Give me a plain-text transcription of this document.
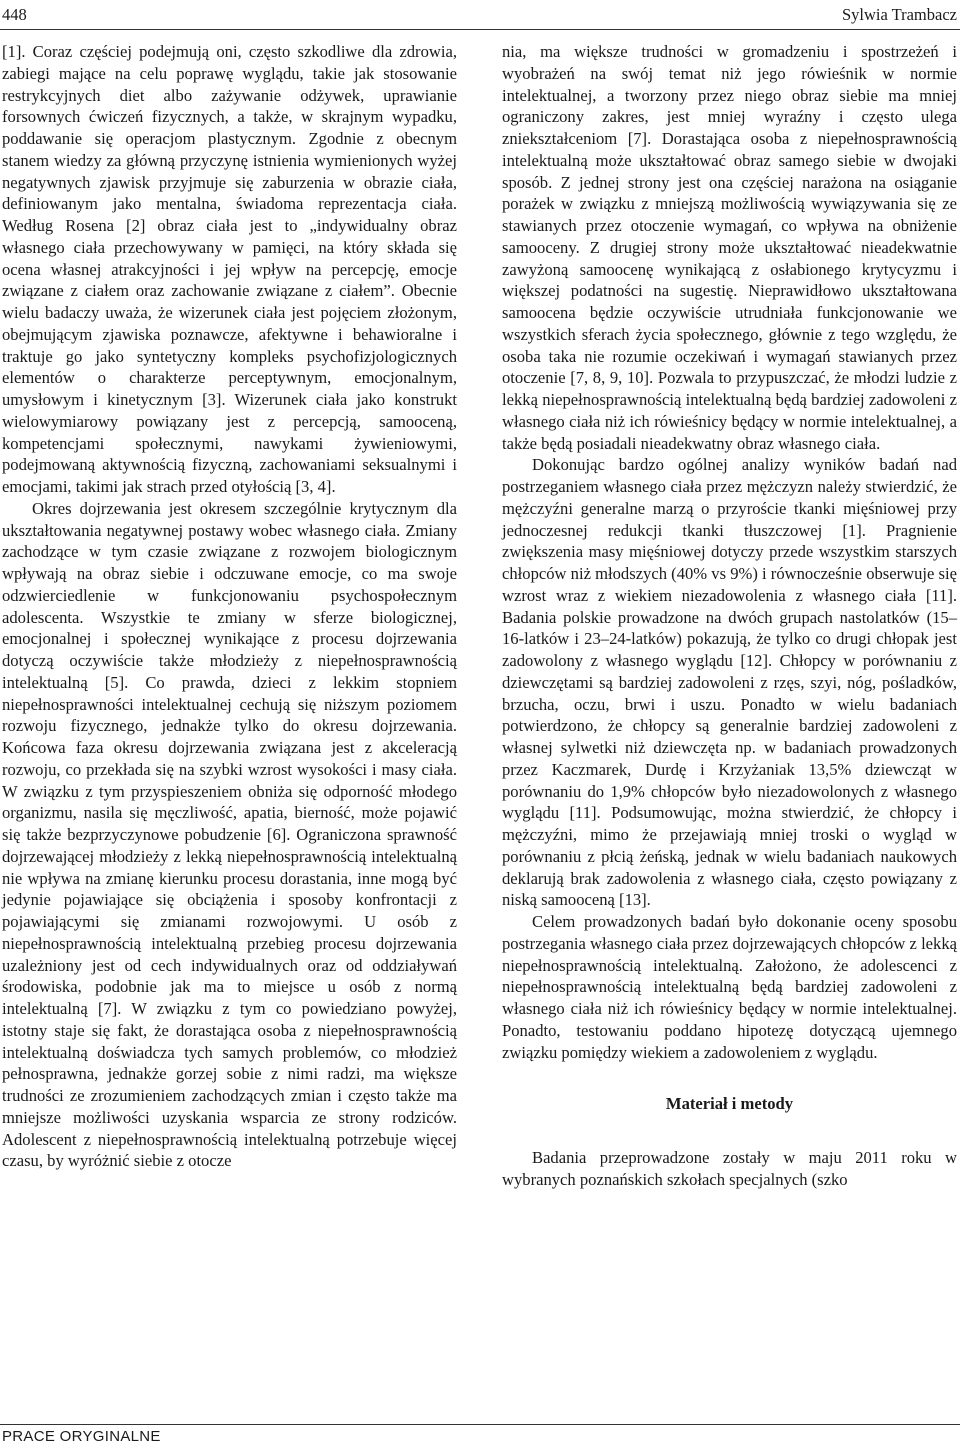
448	Sylwia Trambacz

[1]. Coraz częściej podejmują oni, często szkodliwe dla zdrowia, zabiegi mające na celu poprawę wyglądu, takie jak stosowanie restrykcyjnych diet albo zażywanie odżywek, uprawianie forsownych ćwiczeń fizycznych, a także, w skrajnym wypadku, poddawanie się operacjom plastycznym. Zgodnie z obecnym stanem wiedzy za główną przyczynę istnienia wymienionych wyżej negatywnych zjawisk przyjmuje się zaburzenia w obrazie ciała, definiowanym jako mentalna, świadoma reprezentacja ciała. Według Rosena [2] obraz ciała jest to „indywidualny obraz własnego ciała przechowywany w pamięci, na który składa się ocena własnej atrakcyjności i jej wpływ na percepcję, emocje związane z ciałem oraz zachowanie związane z ciałem”. Obecnie wielu badaczy uważa, że wizerunek ciała jest pojęciem złożonym, obejmującym zjawiska poznawcze, afektywne i behawioralne i traktuje go jako syntetyczny kompleks psychofizjologicznych elementów o charakterze perceptywnym, emocjonalnym, umysłowym i kinetycznym [3]. Wizerunek ciała jako konstrukt wielowymiarowy powiązany jest z percepcją, samooceną, kompetencjami społecznymi, nawykami żywieniowymi, podejmowaną aktywnością fizyczną, zachowaniami seksualnymi i emocjami, takimi jak strach przed otyłością [3, 4].

Okres dojrzewania jest okresem szczególnie krytycznym dla ukształtowania negatywnej postawy wobec własnego ciała. Zmiany zachodzące w tym czasie związane z rozwojem biologicznym wpływają na obraz siebie i odczuwane emocje, co ma swoje odzwierciedlenie w funkcjonowaniu psychospołecznym adolescenta. Wszystkie te zmiany w sferze biologicznej, emocjonalnej i społecznej wynikające z procesu dojrzewania dotyczą oczywiście także młodzieży z niepełnosprawnością intelektualną [5]. Co prawda, dzieci z lekkim stopniem niepełnosprawności intelektualnej cechują się niższym poziomem rozwoju fizycznego, jednakże tylko do okresu dojrzewania. Końcowa faza okresu dojrzewania związana jest z akceleracją rozwoju, co przekłada się na szybki wzrost wysokości i masy ciała. W związku z tym przyspieszeniem obniża się odporność młodego organizmu, nasila się męczliwość, apatia, bierność, może pojawić się także bezprzyczynowe pobudzenie [6]. Ograniczona sprawność dojrzewającej młodzieży z lekką niepełnosprawnością intelektualną nie wpływa na zmianę kierunku procesu dorastania, inne mogą być jedynie pojawiające się obciążenia i sposoby konfrontacji z pojawiającymi się zmianami rozwojowymi. U osób z niepełnosprawnością intelektualną przebieg procesu dojrzewania uzależniony jest od cech indywidualnych oraz od oddziaływań środowiska, podobnie jak ma to miejsce u osób z normą intelektualną [7]. W związku z tym co powiedziano powyżej, istotny staje się fakt, że dorastająca osoba z niepełnosprawnością intelektualną doświadcza tych samych problemów, co młodzież pełnosprawna, jednakże gorzej sobie z nimi radzi, ma większe trudności ze zrozumieniem zachodzących zmian i często także ma mniejsze możliwości uzyskania wsparcia ze strony rodziców. Adolescent z niepełnosprawnością intelektualną potrzebuje więcej czasu, by wyróżnić siebie z otocze

nia, ma większe trudności w gromadzeniu i spostrzeżeń i wyobrażeń na swój temat niż jego rówieśnik w normie intelektualnej, a tworzony przez niego obraz siebie ma mniej ograniczony zakres, jest mniej wyraźny i często ulega zniekształceniom [7]. Dorastająca osoba z niepełnosprawnością intelektualną może ukształtować obraz samego siebie w dwojaki sposób. Z jednej strony jest ona częściej narażona na osiąganie porażek w związku z mniejszą możliwością wywiązywania się ze stawianych przez otoczenie wymagań, co wpływa na obniżenie samooceny. Z drugiej strony może ukształtować nieadekwatnie zawyżoną samoocenę wynikającą z osłabionego krytycyzmu i większej podatności na sugestię. Nieprawidłowo ukształtowana samoocena będzie oczywiście utrudniała funkcjonowanie we wszystkich sferach życia społecznego, głównie z tego względu, że osoba taka nie rozumie oczekiwań i wymagań stawianych przez otoczenie [7, 8, 9, 10]. Pozwala to przypuszczać, że młodzi ludzie z lekką niepełnosprawnością intelektualną będą bardziej zadowoleni z własnego ciała niż ich rówieśnicy będący w normie intelektualnej, a także będą posiadali nieadekwatny obraz własnego ciała.

Dokonując bardzo ogólnej analizy wyników badań nad postrzeganiem własnego ciała przez mężczyzn należy stwierdzić, że mężczyźni generalne marzą o przyroście tkanki mięśniowej przy jednoczesnej redukcji tkanki tłuszczowej [1]. Pragnienie zwiększenia masy mięśniowej dotyczy przede wszystkim starszych chłopców niż młodszych (40% vs 9%) i równocześnie obserwuje się wzrost wraz z wiekiem niezadowolenia z własnego ciała [11]. Badania polskie prowadzone na dwóch grupach nastolatków (15–16-latków i 23–24-latków) pokazują, że tylko co drugi chłopak jest zadowolony z własnego wyglądu [12]. Chłopcy w porównaniu z dziewczętami są bardziej zadowoleni z rzęs, szyi, nóg, pośladków, brzucha, oczu, brwi i uszu. Ponadto w wielu badaniach potwierdzono, że chłopcy są generalnie bardziej zadowoleni z własnej sylwetki niż dziewczęta np. w badaniach prowadzonych przez Kaczmarek, Durdę i Krzyżaniak 13,5% dziewcząt w porównaniu do 1,9% chłopców było niezadowolonych z własnego wyglądu [11]. Podsumowując, można stwierdzić, że chłopcy i mężczyźni, mimo że przejawiają mniej troski o wygląd w porównaniu z płcią żeńską, jednak w wielu badaniach naukowych deklarują brak zadowolenia z własnego ciała, często powiązany z niską samooceną [13].

Celem prowadzonych badań było dokonanie oceny sposobu postrzegania własnego ciała przez dojrzewających chłopców z lekką niepełnosprawnością intelektualną. Założono, że adolescenci z niepełnosprawnością intelektualną będą bardziej zadowoleni z własnego ciała niż ich rówieśnicy będący w normie intelektualnej. Ponadto, testowaniu poddano hipotezę dotyczącą ujemnego związku pomiędzy wiekiem a zadowoleniem z wyglądu.

Materiał i metody

Badania przeprowadzone zostały w maju 2011 roku w wybranych poznańskich szkołach specjalnych (szko

PRACE ORYGINALNE
